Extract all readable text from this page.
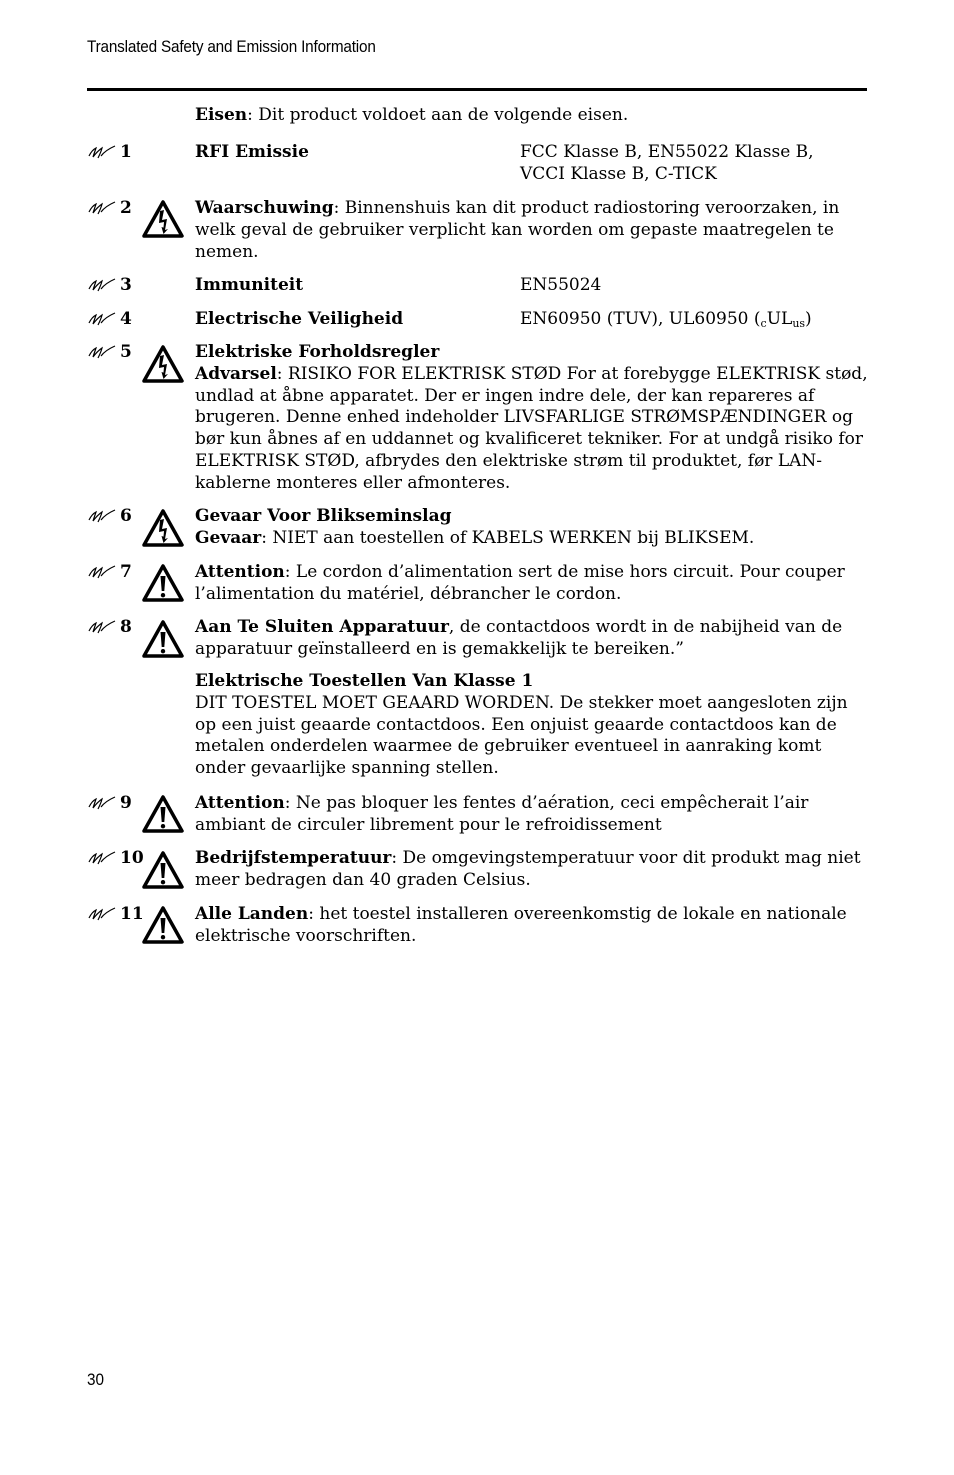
Translated Safety and Emission Information
Eisen: Dit product voldoet aan de volgende eisen.
1	RFI Emissie	FCC Klasse B, EN55022 Klasse B,
VCCI Klasse B, C-TICK
2	Waarschuwing: Binnenshuis kan dit product radiostoring veroorzaken, in welk geval de gebruiker verplicht kan worden om gepaste maatregelen te nemen.
3	Immuniteit	EN55024
4	Electrische Veiligheid	EN60950 (TUV), UL60950 $(_cUL_{us})$
5	Elektriske Forholdsregler
Advarsel: RISIKO FOR ELEKTRISK STØD For at forebygge ELEKTRISK stød, undlad at åbne apparatet. Der er ingen indre dele, der kan repareres af brugeren. Denne enhed indeholder LIVSFARLIGE STRØMSPÆNDINGER og bør kun åbnes af en uddannet og kvalificeret tekniker. For at undgå risiko for ELEKTRISK STØD, afbrydes den elektriske strøm til produktet, før LAN-kablerne monteres eller afmonteres.
6	Gevaar Voor Blikseminslag
Gevaar: NIET aan toestellen of KABELS WERKEN bij BLIKSEM.
7	Attention: Le cordon d’alimentation sert de mise hors circuit. Pour couper l’alimentation du matériel, débrancher le cordon.
8	Aan Te Sluiten Apparatuur, de contactdoos wordt in de nabijheid van de apparatuur geïnstalleerd en is gemakkelijk te bereiken.”
Elektrische Toestellen Van Klasse 1
DIT TOESTEL MOET GEAARD WORDEN. De stekker moet aangesloten zijn op een juist geaarde contactdoos. Een onjuist geaarde contactdoos kan de metalen onderdelen waarmee de gebruiker eventueel in aanraking komt onder gevaarlijke spanning stellen.
9	Attention: Ne pas bloquer les fentes d’aération, ceci empêcherait l’air ambiant de circuler librement pour le refroidissement
10	Bedrijfstemperatuur: De omgevingstemperatuur voor dit produkt mag niet meer bedragen dan 40 graden Celsius.
11	Alle Landen: het toestel installeren overeenkomstig de lokale en nationale elektrische voorschriften.
30
